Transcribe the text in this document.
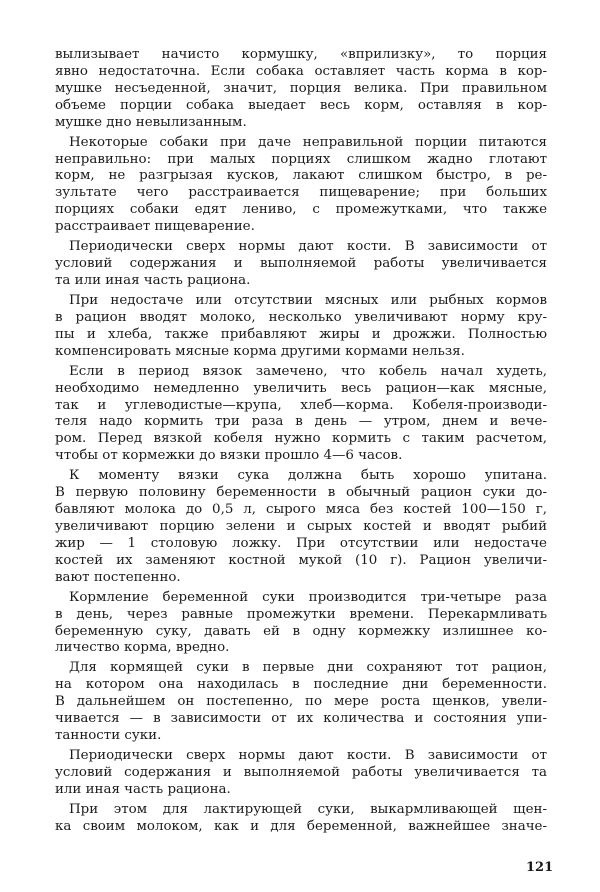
вылизывает начисто кормушку, «вприлизку», то порция
явно недостаточна. Если собака оставляет часть корма в кор-
мушке несъеденной, значит, порция велика. При правильном
объеме порции собака выедает весь корм, оставляя в кор-
мушке дно невылизанным.
Некоторые собаки при даче неправильной порции питаются
неправильно: при малых порциях слишком жадно глотают
корм, не разгрызая кусков, лакают слишком быстро, в ре-
зультате чего расстраивается пищеварение; при больших
порциях собаки едят лениво, с промежутками, что также
расстраивает пищеварение.
Периодически сверх нормы дают кости. В зависимости от
условий содержания и выполняемой работы увеличивается
та или иная часть рациона.
При недостаче или отсутствии мясных или рыбных кормов
в рацион вводят молоко, несколько увеличивают норму кру-
пы и хлеба, также прибавляют жиры и дрожжи. Полностью
компенсировать мясные корма другими кормами нельзя.
Если в период вязок замечено, что кобель начал худеть,
необходимо немедленно увеличить весь рацион—как мясные,
так и углеводистые—крупа, хлеб—корма. Кобеля-производи-
теля надо кормить три раза в день — утром, днем и вече-
ром. Перед вязкой кобеля нужно кормить с таким расчетом,
чтобы от кормежки до вязки прошло 4—6 часов.
К моменту вязки сука должна быть хорошо упитана.
В первую половину беременности в обычный рацион суки до-
бавляют молока до 0,5 л, сырого мяса без костей 100—150 г,
увеличивают порцию зелени и сырых костей и вводят рыбий
жир — 1 столовую ложку. При отсутствии или недостаче
костей их заменяют костной мукой (10 г). Рацион увеличи-
вают постепенно.
Кормление беременной суки производится три-четыре раза
в день, через равные промежутки времени. Перекармливать
беременную суку, давать ей в одну кормежку излишнее ко-
личество корма, вредно.
Для кормящей суки в первые дни сохраняют тот рацион,
на котором она находилась в последние дни беременности.
В дальнейшем он постепенно, по мере роста щенков, увели-
чивается — в зависимости от их количества и состояния упи-
танности суки.
Периодически сверх нормы дают кости. В зависимости от
условий содержания и выполняемой работы увеличивается та
или иная часть рациона.
При этом для лактирующей суки, выкармливающей щен-
ка своим молоком, как и для беременной, важнейшее значе-
121
